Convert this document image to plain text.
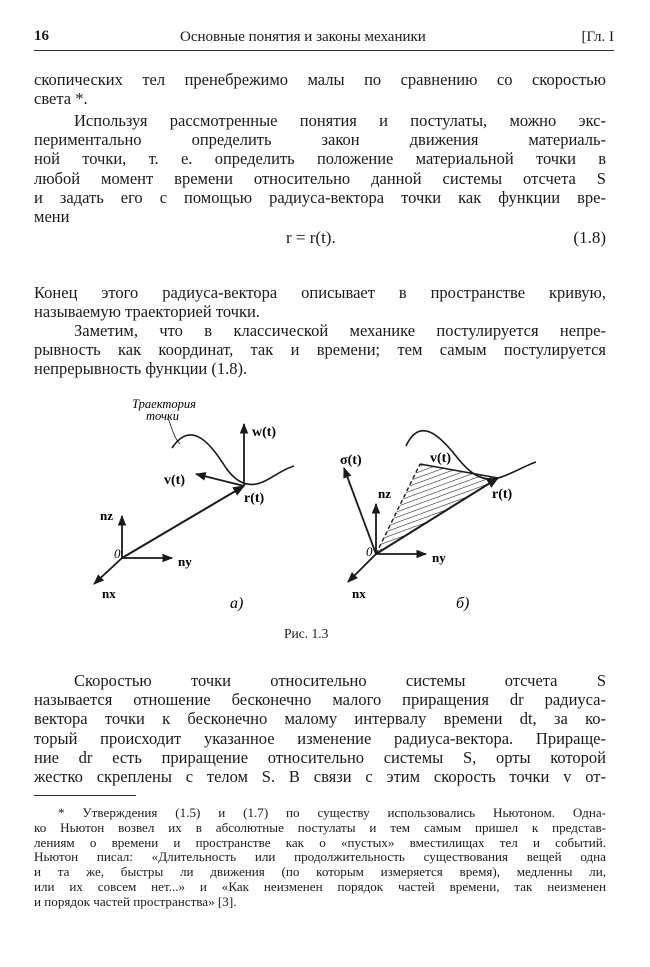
16	Основные понятия и законы механики	[Гл. I
скопических тел пренебрежимо малы по сравнению со скоростью
света *.
Используя рассмотренные понятия и постулаты, можно экс-
периментально определить закон движения материаль-
ной точки, т. е. определить положение материальной точки в
любой момент времени относительно данной системы отсчета S
и задать его с помощью радиуса-вектора точки как функции вре-
мени
r = r(t).	(1.8)
Конец этого радиуса-вектора описывает в пространстве кривую,
называемую траекторией точки.
Заметим, что в классической механике постулируется непре-
рывность как координат, так и времени; тем самым постулируется
непрерывность функции (1.8).
Траектория
точки
w(t)
v(t)
r(t)
nz
ny
nx
0
а)
σ(t)	v(t)
r(t)
nz
ny
nx
0
б)
Рис. 1.3
Скоростью точки относительно системы отсчета S
называется отношение бесконечно малого приращения dr радиуса-
вектора точки к бесконечно малому интервалу времени dt, за ко-
торый происходит указанное изменение радиуса-вектора. Прираще-
ние dr есть приращение относительно системы S, орты которой
жестко скреплены с телом S. В связи с этим скорость точки v от-
* Утверждения (1.5) и (1.7) по существу использовались Ньютоном. Одна-
ко Ньютон возвел их в абсолютные постулаты и тем самым пришел к представ-
лениям о времени и пространстве как о «пустых» вместилищах тел и событий.
Ньютон писал: «Длительность или продолжительность существования вещей одна
и та же, быстры ли движения (по которым измеряется время), медленны ли,
или их совсем нет...» и «Как неизменен порядок частей времени, так неизменен
и порядок частей пространства» [3].
